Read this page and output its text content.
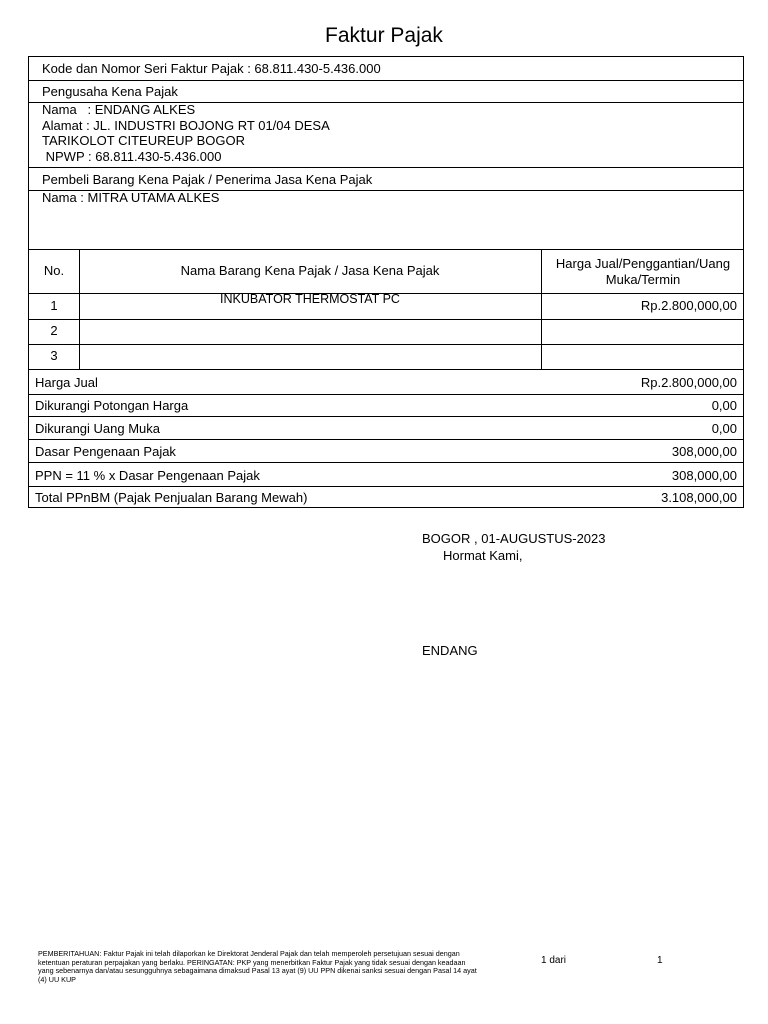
Faktur Pajak
Kode dan Nomor Seri Faktur Pajak : 68.811.430-5.436.000
Pengusaha Kena Pajak
Nama   : ENDANG ALKES
Alamat : JL. INDUSTRI BOJONG RT 01/04 DESA
TARIKOLOT CITEUREUP BOGOR
NPWP : 68.811.430-5.436.000
Pembeli Barang Kena Pajak / Penerima Jasa Kena Pajak
Nama : MITRA UTAMA ALKES
No.	Nama Barang Kena Pajak / Jasa Kena Pajak	Harga Jual/Penggantian/Uang
Muka/Termin
1	INKUBATOR THERMOSTAT PC	Rp.2.800,000,00
2
3
Harga Jual	Rp.2.800,000,00
Dikurangi Potongan Harga	0,00
Dikurangi Uang Muka	0,00
Dasar Pengenaan Pajak	308,000,00
PPN = 11 % x Dasar Pengenaan Pajak	308,000,00
Total PPnBM (Pajak Penjualan Barang Mewah)	3.108,000,00
BOGOR , 01-AUGUSTUS-2023
Hormat Kami,
ENDANG
PEMBERITAHUAN: Faktur Pajak ini telah dilaporkan ke Direktorat Jenderal Pajak dan telah memperoleh persetujuan sesuai dengan ketentuan peraturan perpajakan yang berlaku. PERINGATAN: PKP yang menerbitkan Faktur Pajak yang tidak sesuai dengan keadaan yang sebenarnya dan/atau sesungguhnya sebagaimana dimaksud Pasal 13 ayat (9) UU PPN dikenai sanksi sesuai dengan Pasal 14 ayat (4) UU KUP
1 dari	1
